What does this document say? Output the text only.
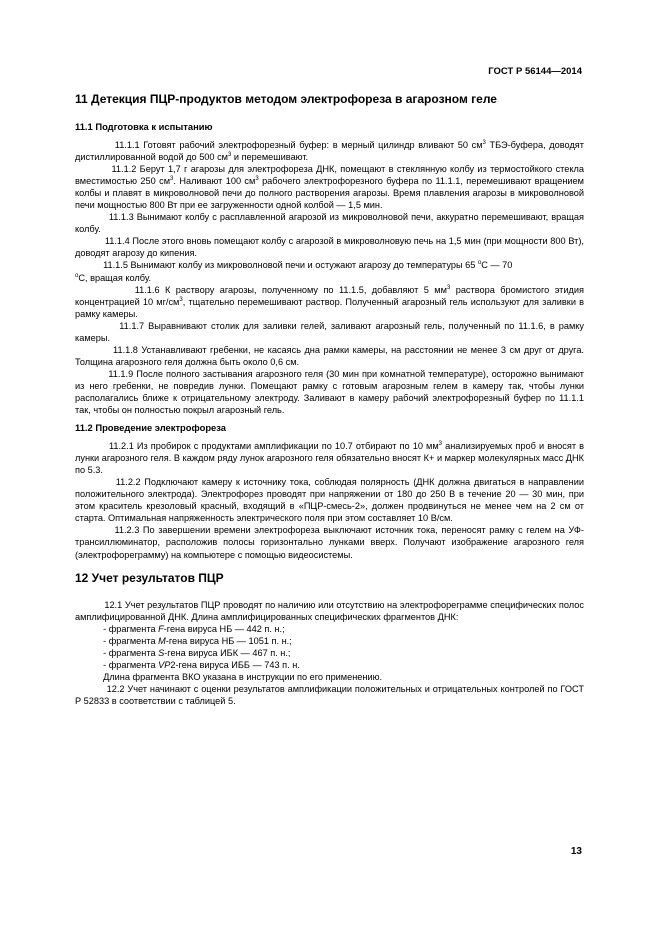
ГОСТ Р 56144—2014
11 Детекция ПЦР-продуктов методом электрофореза в агарозном геле
11.1 Подготовка к испытанию

11.1.1 Готовят рабочий электрофорезный буфер: в мерный цилиндр вливают 50 $см^3$ ТБЭ-буфера, доводят дистиллированной водой до 500 $см^3$ и перемешивают.

11.1.2 Берут 1,7 г агарозы для электрофореза ДНК, помещают в стеклянную колбу из термостойкого стекла вместимостью 250 $см^3$. Наливают 100 $см^3$ рабочего электрофорезного буфера по 11.1.1, перемешивают вращением колбы и плавят в микроволновой печи до полного растворения агарозы. Время плавления агарозы в микроволновой печи мощностью 800 Вт при ее загруженности одной колбой — 1,5 мин.

11.1.3 Вынимают колбу с расплавленной агарозой из микроволновой печи, аккуратно перемешивают, вращая колбу.

11.1.4 После этого вновь помещают колбу с агарозой в микроволновую печь на 1,5 мин (при мощности 800 Вт), доводят агарозу до кипения.

11.1.5 Вынимают колбу из микроволновой печи и остужают агарозу до температуры 65 $^о$С — 70
$^о$С, вращая колбу.

11.1.6 К раствору агарозы, полученному по 11.1.5, добавляют 5 $мм^3$ раствора бромистого этидия концентрацией 10 $мг/см^3$, тщательно перемешивают раствор. Полученный агарозный гель используют для заливки в рамку камеры.

11.1.7 Выравнивают столик для заливки гелей, заливают агарозный гель, полученный по 11.1.6, в рамку камеры.

11.1.8 Устанавливают гребенки, не касаясь дна рамки камеры, на расстоянии не менее 3 см друг от друга. Толщина агарозного геля должна быть около 0,6 см.

11.1.9 После полного застывания агарозного геля (30 мин при комнатной температуре), осторожно вынимают из него гребенки, не повредив лунки. Помещают рамку с готовым агарозным гелем в камеру так, чтобы лунки располагались ближе к отрицательному электроду. Заливают в камеру рабочий электрофорезный буфер по 11.1.1 так, чтобы он полностью покрыл агарозный гель.

11.2 Проведение электрофореза

11.2.1 Из пробирок с продуктами амплификации по 10.7 отбирают по 10 $мм^3$ анализируемых проб и вносят в лунки агарозного геля. В каждом ряду лунок агарозного геля обязательно вносят К+ и маркер молекулярных масс ДНК по 5.3.

11.2.2 Подключают камеру к источнику тока, соблюдая полярность (ДНК должна двигаться в направлении положительного электрода). Электрофорез проводят при напряжении от 180 до 250 В в течение 20 — 30 мин, при этом краситель крезоловый красный, входящий в «ПЦР-смесь-2», должен продвинуться не менее чем на 2 см от старта. Оптимальная напряженность электрического поля при этом составляет 10 В/см.

11.2.3 По завершении времени электрофореза выключают источник тока, переносят рамку с гелем на УФ-трансиллюминатор, расположив полосы горизонтально лунками вверх. Получают изображение агарозного геля (электрофореграмму) на компьютере с помощью видеосистемы.

12 Учет результатов ПЦР

12.1 Учет результатов ПЦР проводят по наличию или отсутствию на электрофореграмме специфических полос амплифицированной ДНК. Длина амплифицированных специфических фрагментов ДНК:

- фрагмента F-гена вируса НБ — 442 п. н.;

- фрагмента M-гена вируса НБ — 1051 п. н.;

- фрагмента S-гена вируса ИБК — 467 п. н.;

- фрагмента VP2-гена вируса ИББ — 743 п. н.

Длина фрагмента ВКО указана в инструкции по его применению.

12.2 Учет начинают с оценки результатов амплификации положительных и отрицательных контролей по ГОСТ Р 52833 в соответствии с таблицей 5.

13
